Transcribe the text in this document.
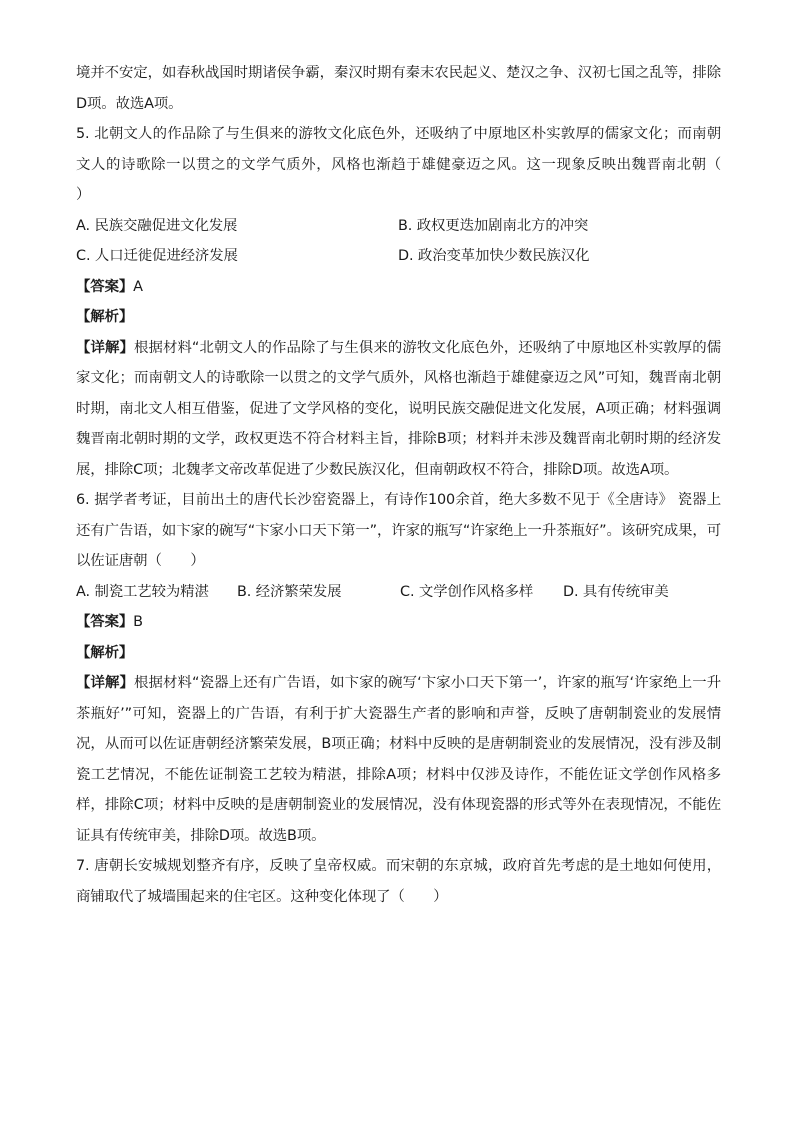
境并不安定，如春秋战国时期诸侯争霸，秦汉时期有秦末农民起义、楚汉之争、汉初七国之乱等，排除D项。故选A项。

5. 北朝文人的作品除了与生俱来的游牧文化底色外，还吸纳了中原地区朴实敦厚的儒家文化；而南朝文人的诗歌除一以贯之的文学气质外，风格也渐趋于雄健豪迈之风。这一现象反映出魏晋南北朝（　　）

A. 民族交融促进文化发展	B. 政权更迭加剧南北方的冲突
C. 人口迁徙促进经济发展	D. 政治变革加快少数民族汉化

【答案】A

【解析】

【详解】根据材料“北朝文人的作品除了与生俱来的游牧文化底色外，还吸纳了中原地区朴实敦厚的儒家文化；而南朝文人的诗歌除一以贯之的文学气质外，风格也渐趋于雄健豪迈之风”可知，魏晋南北朝时期，南北文人相互借鉴，促进了文学风格的变化，说明民族交融促进文化发展，A项正确；材料强调魏晋南北朝时期的文学，政权更迭不符合材料主旨，排除B项；材料并未涉及魏晋南北朝时期的经济发展，排除C项；北魏孝文帝改革促进了少数民族汉化，但南朝政权不符合，排除D项。故选A项。

6. 据学者考证，目前出土的唐代长沙窑瓷器上，有诗作100余首，绝大多数不见于《全唐诗》 瓷器上还有广告语，如卞家的碗写“卞家小口天下第一”，许家的瓶写“许家绝上一升茶瓶好”。该研究成果，可以佐证唐朝（　　）

A. 制瓷工艺较为精湛	B. 经济繁荣发展	C. 文学创作风格多样	D. 具有传统审美

【答案】B

【解析】

【详解】根据材料“瓷器上还有广告语，如卞家的碗写‘卞家小口天下第一’，许家的瓶写‘许家绝上一升茶瓶好’”可知，瓷器上的广告语，有利于扩大瓷器生产者的影响和声誉，反映了唐朝制瓷业的发展情况，从而可以佐证唐朝经济繁荣发展，B项正确；材料中反映的是唐朝制瓷业的发展情况，没有涉及制瓷工艺情况，不能佐证制瓷工艺较为精湛，排除A项；材料中仅涉及诗作，不能佐证文学创作风格多样，排除C项；材料中反映的是唐朝制瓷业的发展情况，没有体现瓷器的形式等外在表现情况，不能佐证具有传统审美，排除D项。故选B项。

7. 唐朝长安城规划整齐有序，反映了皇帝权威。而宋朝的东京城，政府首先考虑的是土地如何使用，商铺取代了城墙围起来的住宅区。这种变化体现了（　　）
